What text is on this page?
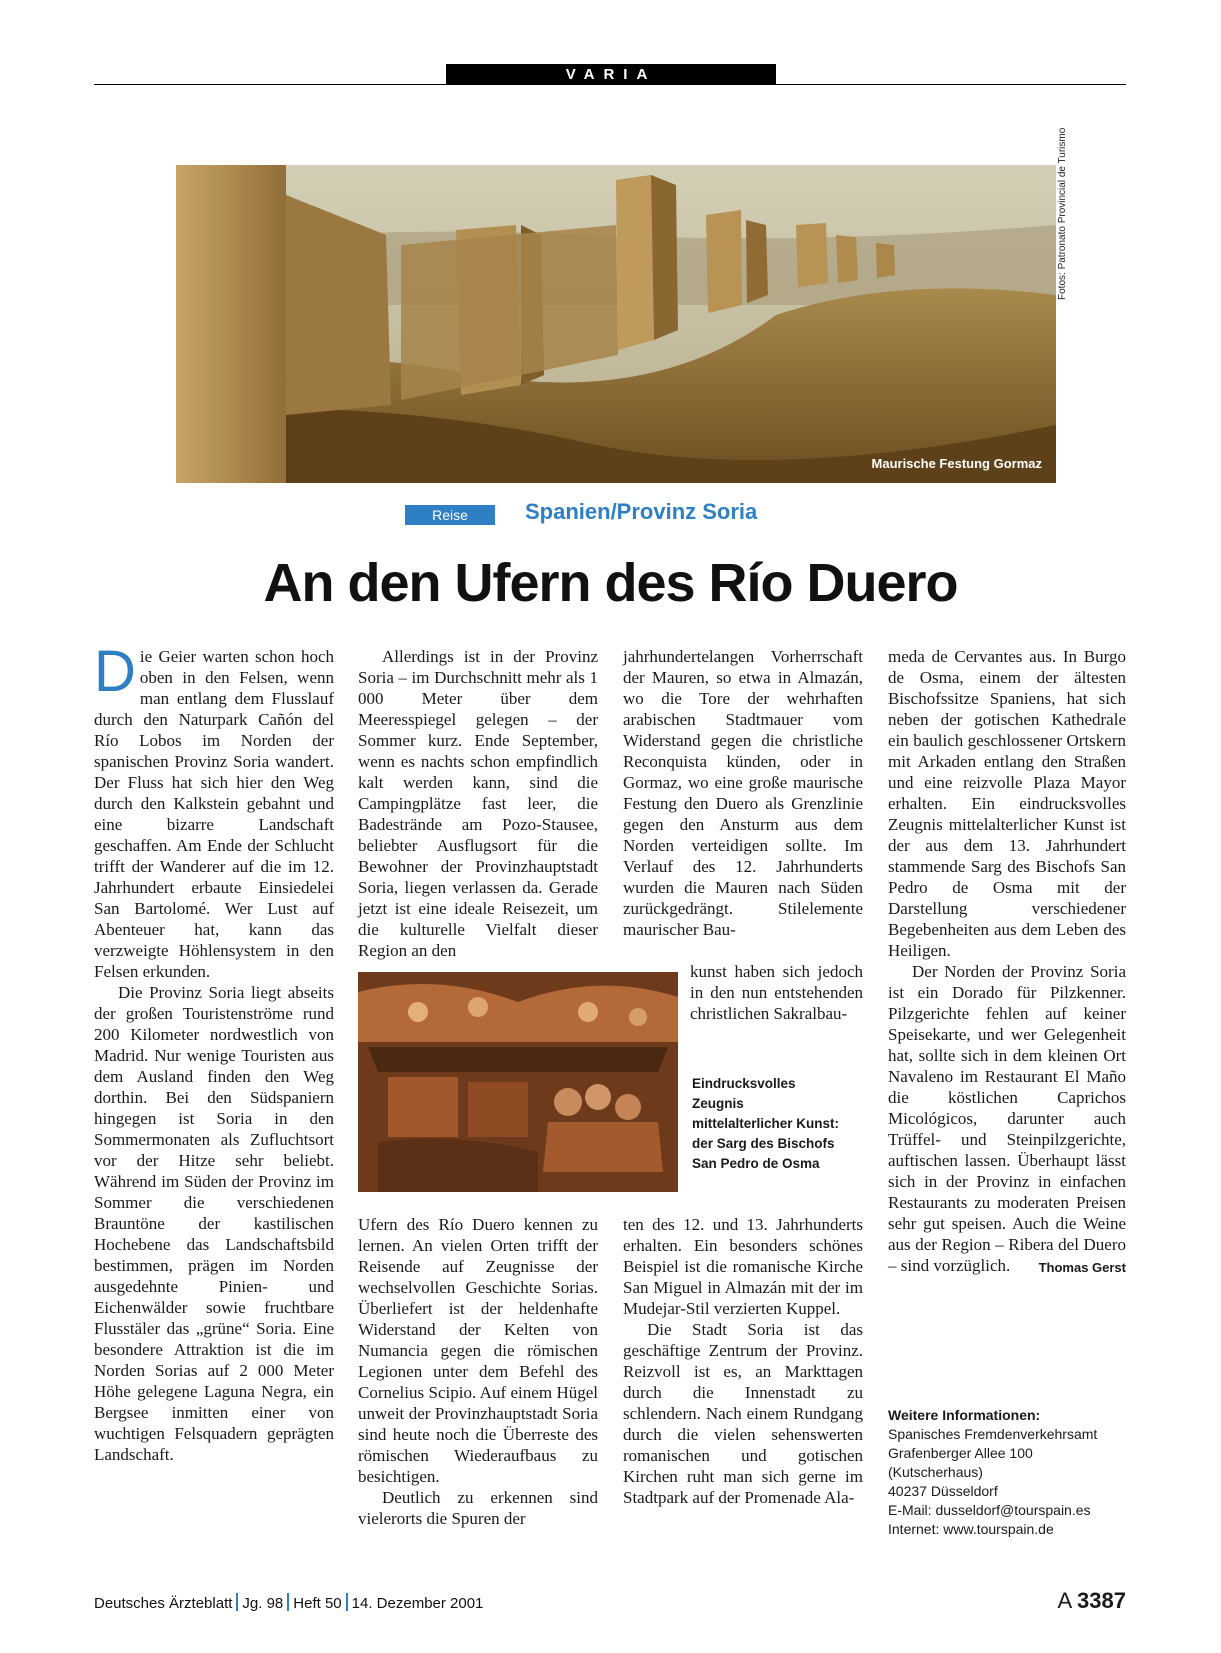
VARIA
Maurische Festung Gormaz
Fotos: Patronato Provincial de Turismo
Reise	Spanien/Provinz Soria
An den Ufern des Río Duero

Die Geier warten schon hoch oben in den Felsen, wenn man entlang dem Flusslauf durch den Naturpark Cañón del Río Lobos im Norden der spanischen Provinz Soria wandert. Der Fluss hat sich hier den Weg durch den Kalkstein gebahnt und eine bizarre Landschaft geschaffen. Am Ende der Schlucht trifft der Wanderer auf die im 12. Jahrhundert erbaute Einsiedelei San Bartolomé. Wer Lust auf Abenteuer hat, kann das verzweigte Höhlensystem in den Felsen erkunden.

Die Provinz Soria liegt abseits der großen Touristenströme rund 200 Kilometer nordwestlich von Madrid. Nur wenige Touristen aus dem Ausland finden den Weg dorthin. Bei den Südspaniern hingegen ist Soria in den Sommermonaten als Zufluchtsort vor der Hitze sehr beliebt. Während im Süden der Provinz im Sommer die verschiedenen Brauntöne der kastilischen Hochebene das Landschaftsbild bestimmen, prägen im Norden ausgedehnte Pinien- und Eichenwälder sowie fruchtbare Flusstäler das „grüne“ Soria. Eine besondere Attraktion ist die im Norden Sorias auf 2 000 Meter Höhe gelegene Laguna Negra, ein Bergsee inmitten einer von wuchtigen Felsquadern geprägten Landschaft.

Allerdings ist in der Provinz Soria – im Durchschnitt mehr als 1 000 Meter über dem Meeresspiegel gelegen – der Sommer kurz. Ende September, wenn es nachts schon empfindlich kalt werden kann, sind die Campingplätze fast leer, die Badestrände am Pozo-Stausee, beliebter Ausflugsort für die Bewohner der Provinzhauptstadt Soria, liegen verlassen da. Gerade jetzt ist eine ideale Reisezeit, um die kulturelle Vielfalt dieser Region an den

Eindrucksvolles Zeugnis mittelalterlicher Kunst: der Sarg des Bischofs San Pedro de Osma

Ufern des Río Duero kennen zu lernen. An vielen Orten trifft der Reisende auf Zeugnisse der wechselvollen Geschichte Sorias. Überliefert ist der heldenhafte Widerstand der Kelten von Numancia gegen die römischen Legionen unter dem Befehl des Cornelius Scipio. Auf einem Hügel unweit der Provinzhauptstadt Soria sind heute noch die Überreste des römischen Wiederaufbaus zu besichtigen.

Deutlich zu erkennen sind vielerorts die Spuren der

jahrhundertelangen Vorherrschaft der Mauren, so etwa in Almazán, wo die Tore der wehrhaften arabischen Stadtmauer vom Widerstand gegen die christliche Reconquista künden, oder in Gormaz, wo eine große maurische Festung den Duero als Grenzlinie gegen den Ansturm aus dem Norden verteidigen sollte. Im Verlauf des 12. Jahrhunderts wurden die Mauren nach Süden zurückgedrängt. Stilelemente maurischer Bau-

kunst haben sich jedoch in den nun entstehenden christlichen Sakralbau-

ten des 12. und 13. Jahrhunderts erhalten. Ein besonders schönes Beispiel ist die romanische Kirche San Miguel in Almazán mit der im Mudejar-Stil verzierten Kuppel.

Die Stadt Soria ist das geschäftige Zentrum der Provinz. Reizvoll ist es, an Markttagen durch die Innenstadt zu schlendern. Nach einem Rundgang durch die vielen sehenswerten romanischen und gotischen Kirchen ruht man sich gerne im Stadtpark auf der Promenade Ala-

meda de Cervantes aus. In Burgo de Osma, einem der ältesten Bischofssitze Spaniens, hat sich neben der gotischen Kathedrale ein baulich geschlossener Ortskern mit Arkaden entlang den Straßen und eine reizvolle Plaza Mayor erhalten. Ein eindrucksvolles Zeugnis mittelalterlicher Kunst ist der aus dem 13. Jahrhundert stammende Sarg des Bischofs San Pedro de Osma mit der Darstellung verschiedener Begebenheiten aus dem Leben des Heiligen.

Der Norden der Provinz Soria ist ein Dorado für Pilzkenner. Pilzgerichte fehlen auf keiner Speisekarte, und wer Gelegenheit hat, sollte sich in dem kleinen Ort Navaleno im Restaurant El Maño die köstlichen Caprichos Micológicos, darunter auch Trüffel- und Steinpilzgerichte, auftischen lassen. Überhaupt lässt sich in der Provinz in einfachen Restaurants zu moderaten Preisen sehr gut speisen. Auch die Weine aus der Region – Ribera del Duero – sind vorzüglich.	Thomas Gerst

Weitere Informationen:
Spanisches Fremdenverkehrsamt
Grafenberger Allee 100
(Kutscherhaus)
40237 Düsseldorf
E-Mail: dusseldorf@tourspain.es
Internet: www.tourspain.de
Deutsches Ärzteblatt Jg. 98 Heft 50 14. Dezember 2001	A 3387
